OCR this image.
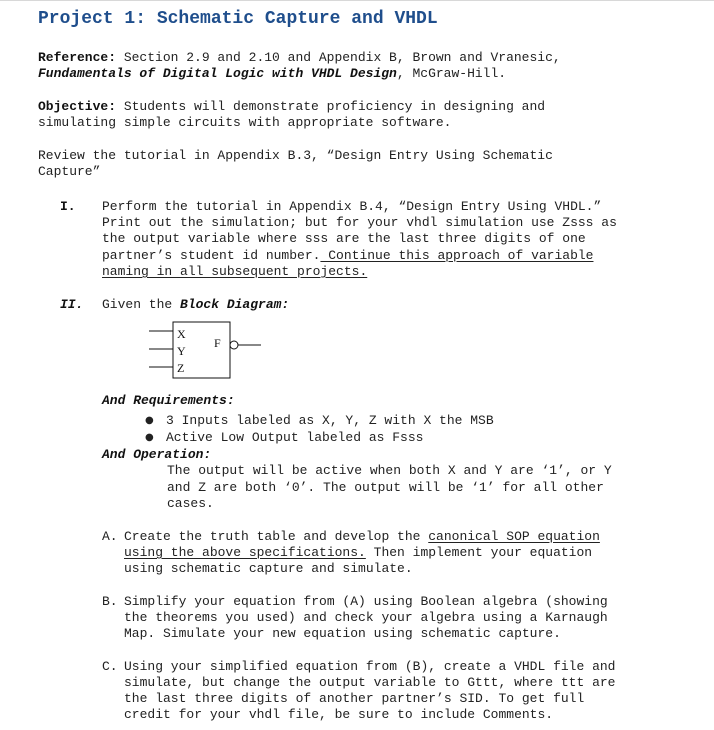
Project 1: Schematic Capture and VHDL
Reference: Section 2.9 and 2.10 and Appendix B, Brown and Vranesic,
Fundamentals of Digital Logic with VHDL Design, McGraw-Hill.
Objective: Students will demonstrate proficiency in designing and
simulating simple circuits with appropriate software.
Review the tutorial in Appendix B.3, “Design Entry Using Schematic
Capture”
I. Perform the tutorial in Appendix B.4, “Design Entry Using VHDL.”
Print out the simulation; but for your vhdl simulation use Zsss as
the output variable where sss are the last three digits of one
partner’s student id number. Continue this approach of variable
naming in all subsequent projects.
II. Given the Block Diagram:
X
Y
Z
F
And Requirements:
● 3 Inputs labeled as X, Y, Z with X the MSB
● Active Low Output labeled as Fsss
And Operation:
The output will be active when both X and Y are ‘1’, or Y
and Z are both ‘0’. The output will be ‘1’ for all other
cases.
A. Create the truth table and develop the canonical SOP equation
using the above specifications. Then implement your equation
using schematic capture and simulate.
B. Simplify your equation from (A) using Boolean algebra (showing
the theorems you used) and check your algebra using a Karnaugh
Map. Simulate your new equation using schematic capture.
C. Using your simplified equation from (B), create a VHDL file and
simulate, but change the output variable to Gttt, where ttt are
the last three digits of another partner’s SID. To get full
credit for your vhdl file, be sure to include Comments.
